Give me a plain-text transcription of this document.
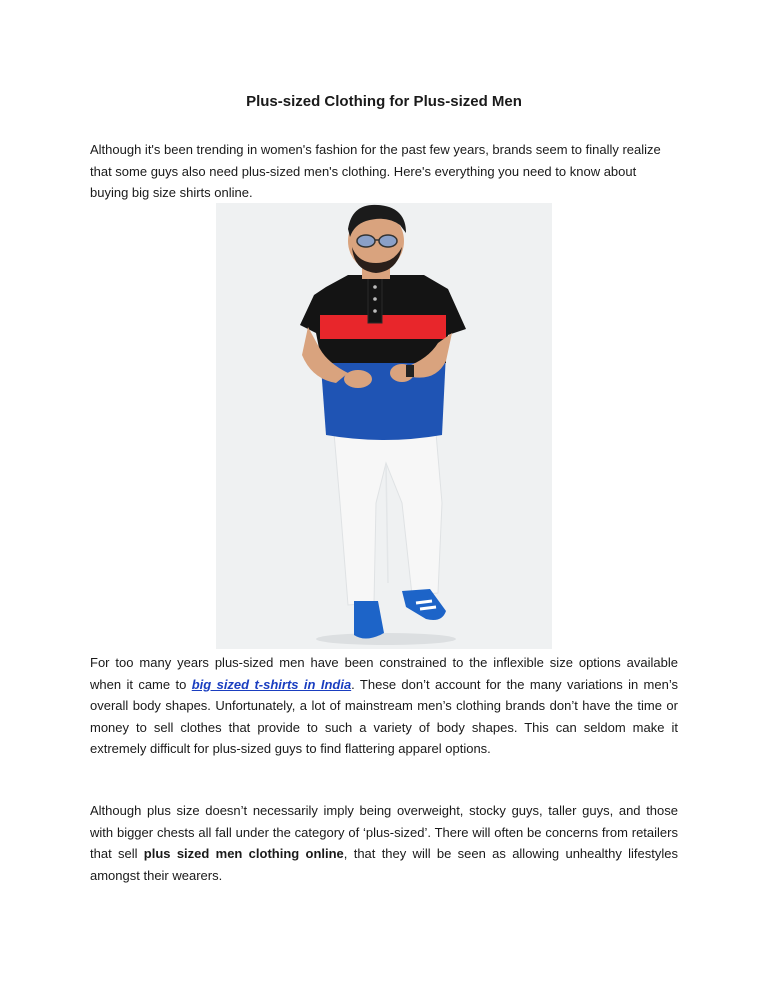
Plus-sized Clothing for Plus-sized Men
Although it's been trending in women's fashion for the past few years, brands seem to finally realize that some guys also need plus-sized men's clothing. Here's everything you need to know about buying big size shirts online.
For too many years plus-sized men have been constrained to the inflexible size options available when it came to big sized t-shirts in India. These don’t account for the many variations in men’s overall body shapes. Unfortunately, a lot of mainstream men’s clothing brands don’t have the time or money to sell clothes that provide to such a variety of body shapes. This can seldom make it extremely difficult for plus-sized guys to find flattering apparel options.
Although plus size doesn’t necessarily imply being overweight, stocky guys, taller guys, and those with bigger chests all fall under the category of ‘plus-sized’. There will often be concerns from retailers that sell plus sized men clothing online, that they will be seen as allowing unhealthy lifestyles amongst their wearers.
